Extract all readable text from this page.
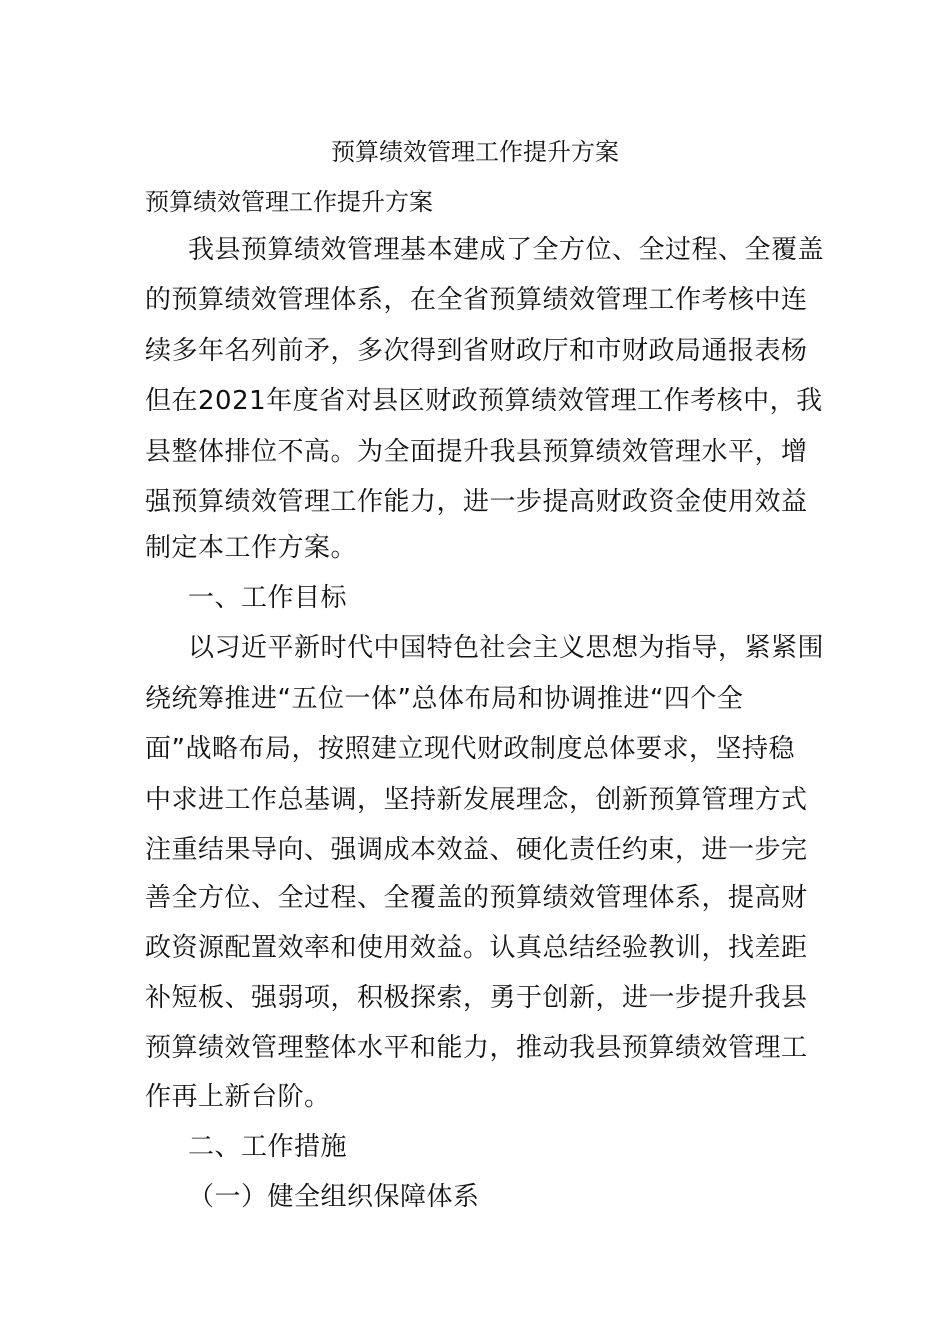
预算绩效管理工作提升方案
预算绩效管理工作提升方案
我县预算绩效管理基本建成了全方位、全过程、全覆盖
的预算绩效管理体系，在全省预算绩效管理工作考核中连
续多年名列前矛，多次得到省财政厅和市财政局通报表杨
但在2021年度省对县区财政预算绩效管理工作考核中，我
县整体排位不高。为全面提升我县预算绩效管理水平，增
强预算绩效管理工作能力，进一步提高财政资金使用效益
制定本工作方案。
一、工作目标
以习近平新时代中国特色社会主义思想为指导，紧紧围
绕统筹推进“五位一体”总体布局和协调推进“四个全
面”战略布局，按照建立现代财政制度总体要求，坚持稳
中求进工作总基调，坚持新发展理念，创新预算管理方式
注重结果导向、强调成本效益、硬化责任约束，进一步完
善全方位、全过程、全覆盖的预算绩效管理体系，提高财
政资源配置效率和使用效益。认真总结经验教训，找差距
补短板、强弱项，积极探索，勇于创新，进一步提升我县
预算绩效管理整体水平和能力，推动我县预算绩效管理工
作再上新台阶。
二、工作措施
（一）健全组织保障体系
